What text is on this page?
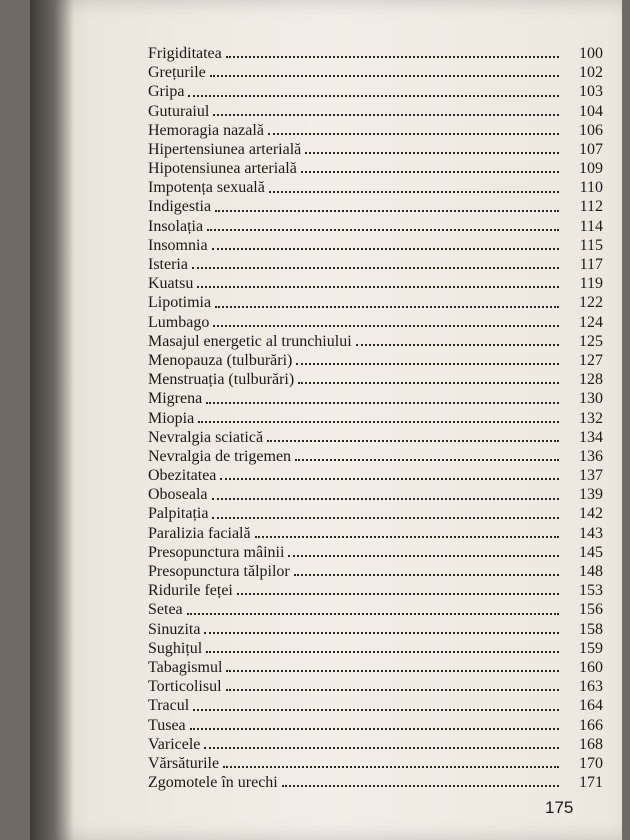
Frigiditatea	100
Grețurile	102
Gripa	103
Guturaiul	104
Hemoragia nazală	106
Hipertensiunea arterială	107
Hipotensiunea arterială	109
Impotența sexuală	110
Indigestia	112
Insolația	114
Insomnia	115
Isteria	117
Kuatsu	119
Lipotimia	122
Lumbago	124
Masajul energetic al trunchiului	125
Menopauza (tulburări)	127
Menstruația (tulburări)	128
Migrena	130
Miopia	132
Nevralgia sciatică	134
Nevralgia de trigemen	136
Obezitatea	137
Oboseala	139
Palpitația	142
Paralizia facială	143
Presopunctura mâinii	145
Presopunctura tălpilor	148
Ridurile feței	153
Setea	156
Sinuzita	158
Sughițul	159
Tabagismul	160
Torticolisul	163
Tracul	164
Tusea	166
Varicele	168
Vărsăturile	170
Zgomotele în urechi	171
175
